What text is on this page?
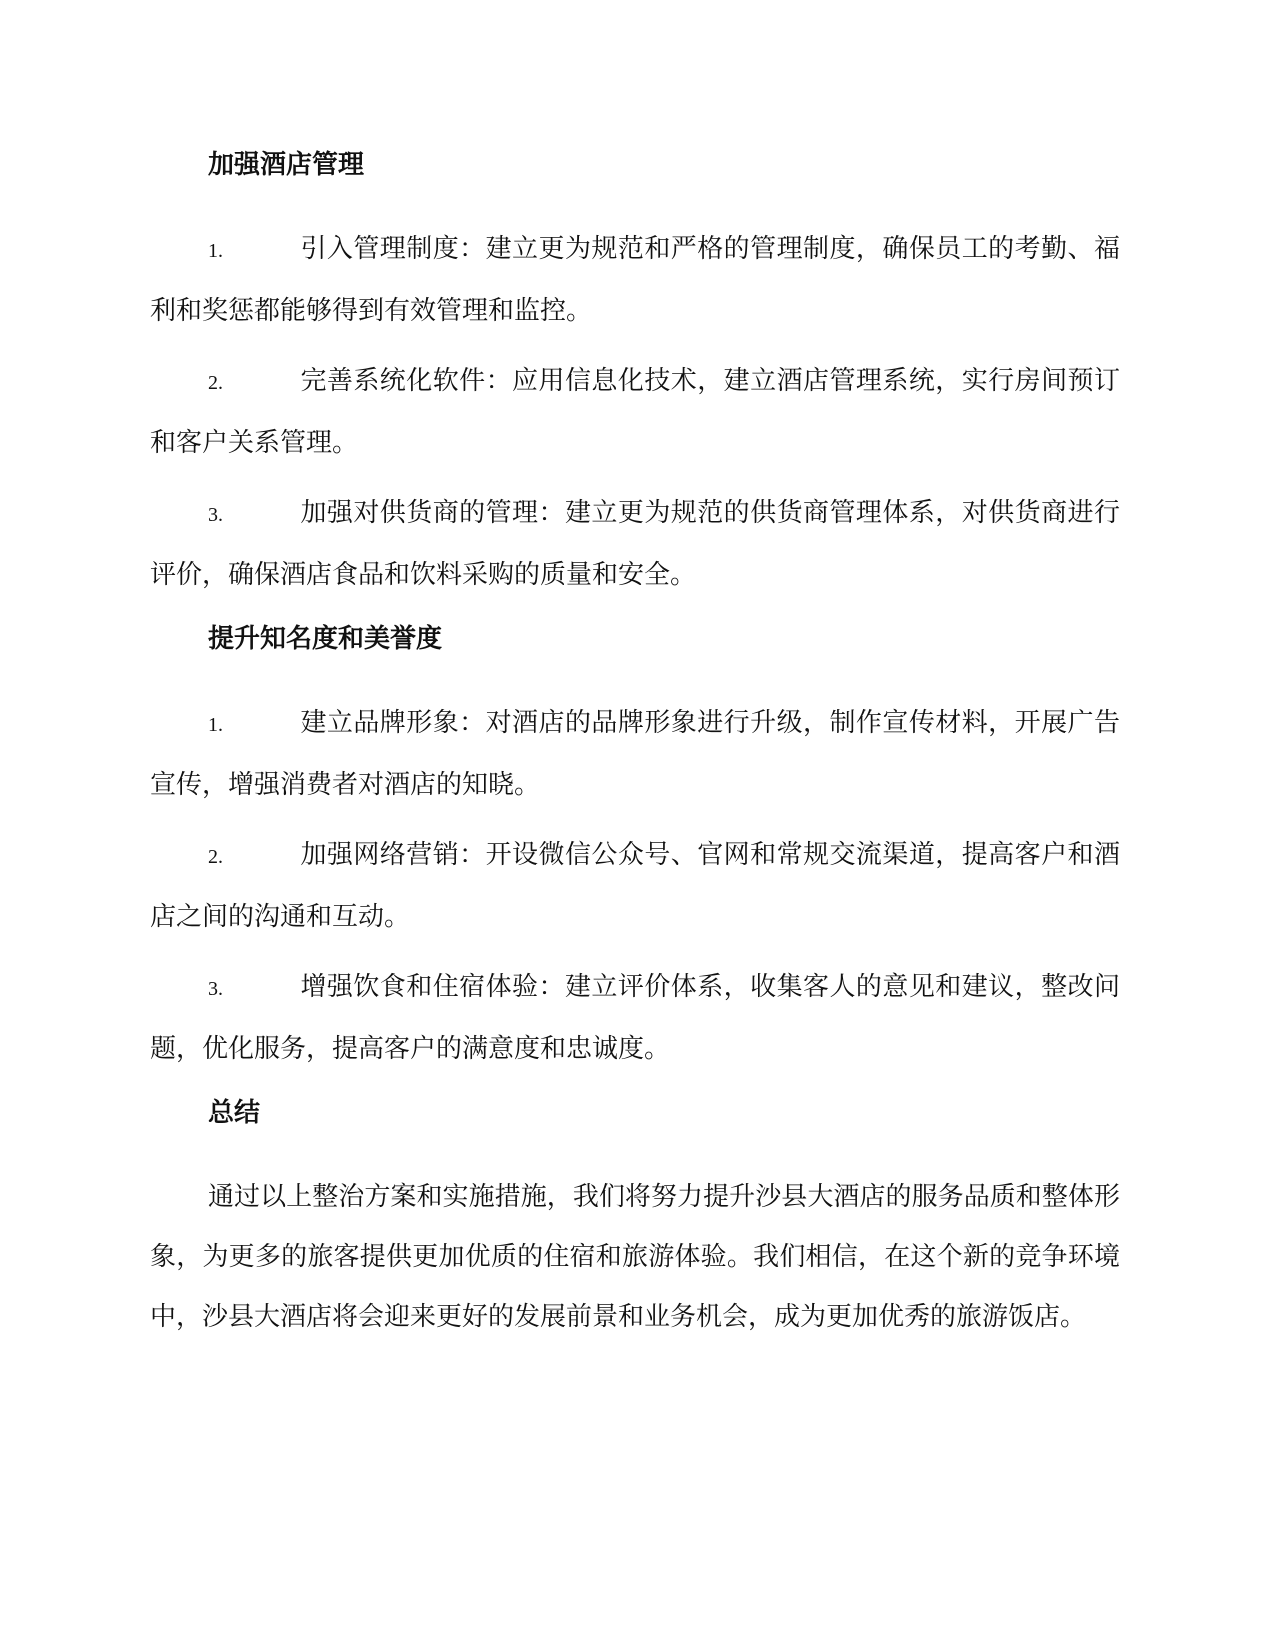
加强酒店管理
1.	引入管理制度：建立更为规范和严格的管理制度，确保员工的考勤、福利和奖惩都能够得到有效管理和监控。
2.	完善系统化软件：应用信息化技术，建立酒店管理系统，实行房间预订和客户关系管理。
3.	加强对供货商的管理：建立更为规范的供货商管理体系，对供货商进行评价，确保酒店食品和饮料采购的质量和安全。
提升知名度和美誉度
1.	建立品牌形象：对酒店的品牌形象进行升级，制作宣传材料，开展广告宣传，增强消费者对酒店的知晓。
2.	加强网络营销：开设微信公众号、官网和常规交流渠道，提高客户和酒店之间的沟通和互动。
3.	增强饮食和住宿体验：建立评价体系，收集客人的意见和建议，整改问题，优化服务，提高客户的满意度和忠诚度。
总结

通过以上整治方案和实施措施，我们将努力提升沙县大酒店的服务品质和整体形象，为更多的旅客提供更加优质的住宿和旅游体验。我们相信，在这个新的竞争环境中，沙县大酒店将会迎来更好的发展前景和业务机会，成为更加优秀的旅游饭店。
